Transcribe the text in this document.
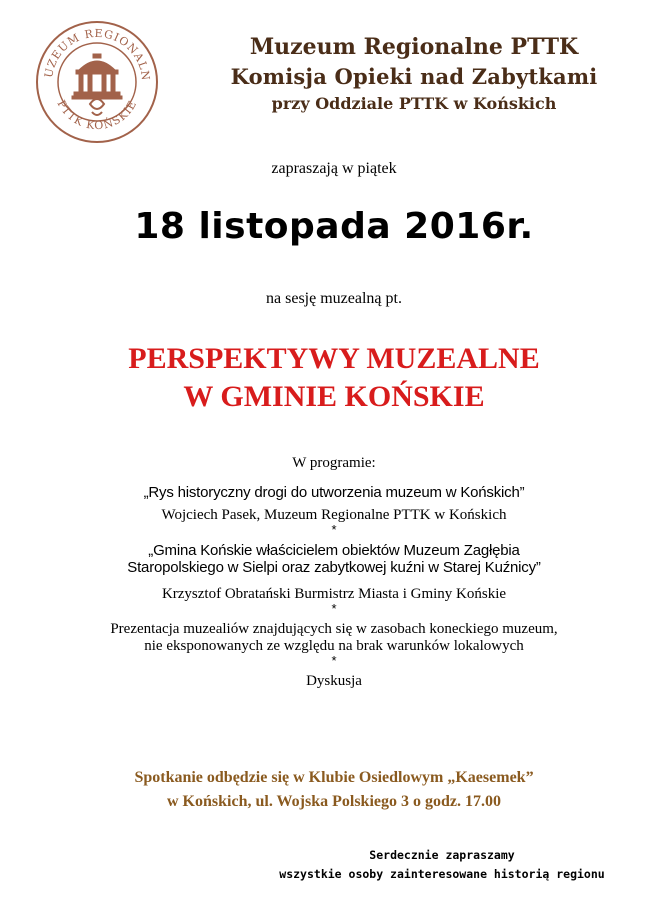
UZEUM REGIONALN
PTTK KOŃSKIE
Muzeum Regionalne PTTK
Komisja Opieki nad Zabytkami
przy Oddziale PTTK w Końskich
zapraszają w piątek
18 listopada 2016r.
na sesję muzealną pt.
PERSPEKTYWY MUZEALNE
W GMINIE KOŃSKIE
W programie:
„Rys historyczny drogi do utworzenia muzeum w Końskich”
Wojciech Pasek, Muzeum Regionalne PTTK w Końskich
*
„Gmina Końskie właścicielem obiektów Muzeum Zagłębia
Staropolskiego w Sielpi oraz zabytkowej kuźni w Starej Kuźnicy”
Krzysztof Obratański Burmistrz Miasta i Gminy Końskie
*
Prezentacja muzealiów znajdujących się w zasobach koneckiego muzeum,
nie eksponowanych ze względu na brak warunków lokalowych
*
Dyskusja
Spotkanie odbędzie się w Klubie Osiedlowym „Kaesemek”
w Końskich, ul. Wojska Polskiego 3 o godz. 17.00
Serdecznie zapraszamy
wszystkie osoby zainteresowane historią regionu
